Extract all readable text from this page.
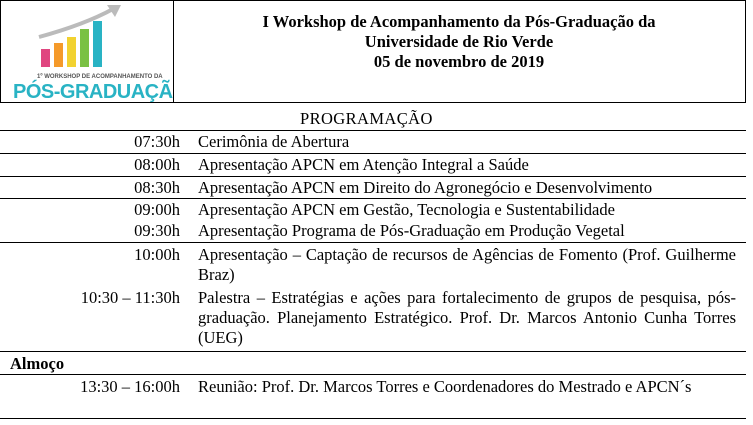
1º WORKSHOP DE ACOMPANHAMENTO DA
PÓS-GRADUAÇÃO
I Workshop de Acompanhamento da Pós-Graduação da
Universidade de Rio Verde
05 de novembro de 2019
PROGRAMAÇÃO
07:30h Cerimônia de Abertura
08:00h Apresentação APCN em Atenção Integral a Saúde
08:30h Apresentação APCN em Direito do Agronegócio e Desenvolvimento
09:00h Apresentação APCN em Gestão, Tecnologia e Sustentabilidade
09:30h Apresentação Programa de Pós-Graduação em Produção Vegetal
10:00h Apresentação – Captação de recursos de Agências de Fomento (Prof. Guilherme Braz)
10:30 – 11:30h Palestra – Estratégias e ações para fortalecimento de grupos de pesquisa, pós-graduação. Planejamento Estratégico. Prof. Dr. Marcos Antonio Cunha Torres (UEG)
Almoço
13:30 – 16:00h Reunião: Prof. Dr. Marcos Torres e Coordenadores do Mestrado e APCN´s
